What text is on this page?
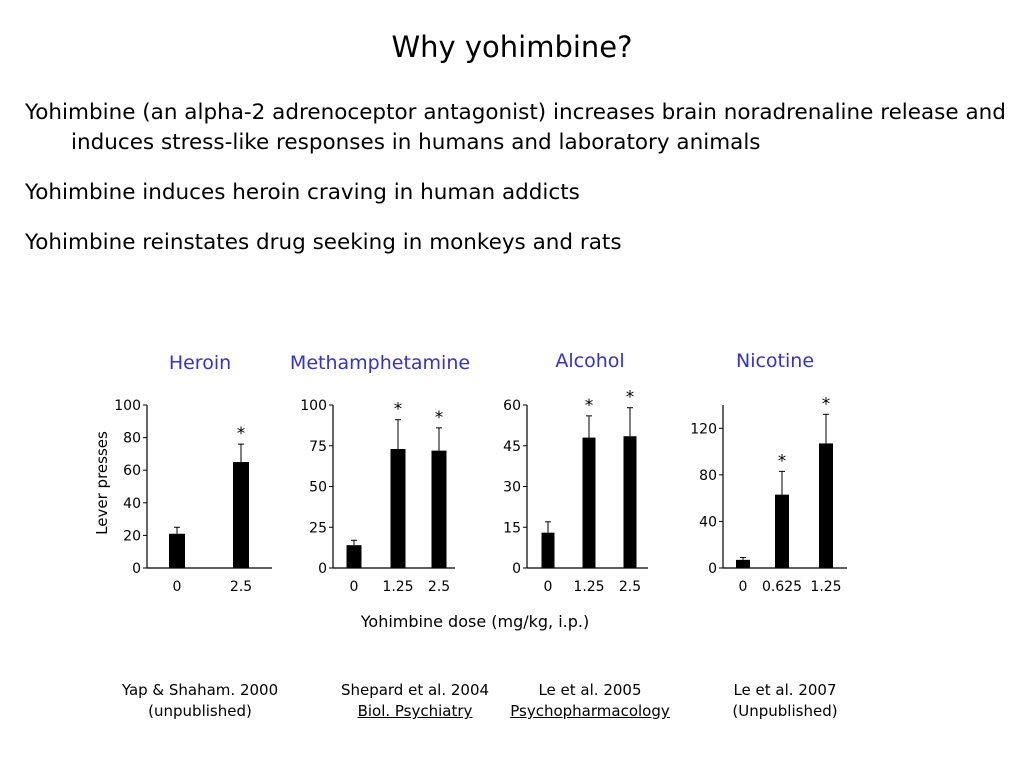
Why yohimbine?
Yohimbine (an alpha-2 adrenoceptor antagonist) increases brain noradrenaline release and induces stress-like responses in humans and laboratory animals
Yohimbine induces heroin craving in human addicts
Yohimbine reinstates drug seeking in monkeys and rats
Heroin	Methamphetamine	Alcohol	Nicotine
Lever presses
0
20
40
60
80
100
0	2.5
*
0
25
50
75
100
0 1.25
*
2.5
*
0
15
30
45
60
0 1.25
*
2.5
*
0
40
80
120
0 0.625
*
1.25
*
Yohimbine dose (mg/kg, i.p.)
Yap & Shaham. 2000
(unpublished)
Shepard et al. 2004
Biol. Psychiatry
Le et al. 2005
Psychopharmacology
Le et al. 2007
(Unpublished)
